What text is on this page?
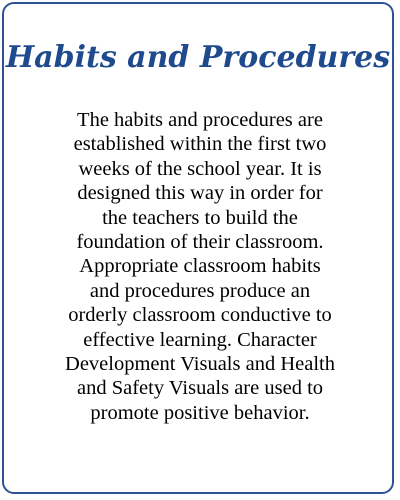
Habits and Procedures

The habits and procedures are
established within the first two
weeks of the school year. It is
designed this way in order for
the teachers to build the
foundation of their classroom.
Appropriate classroom habits
and procedures produce an
orderly classroom conductive to
effective learning. Character
Development Visuals and Health
and Safety Visuals are used to
promote positive behavior.
